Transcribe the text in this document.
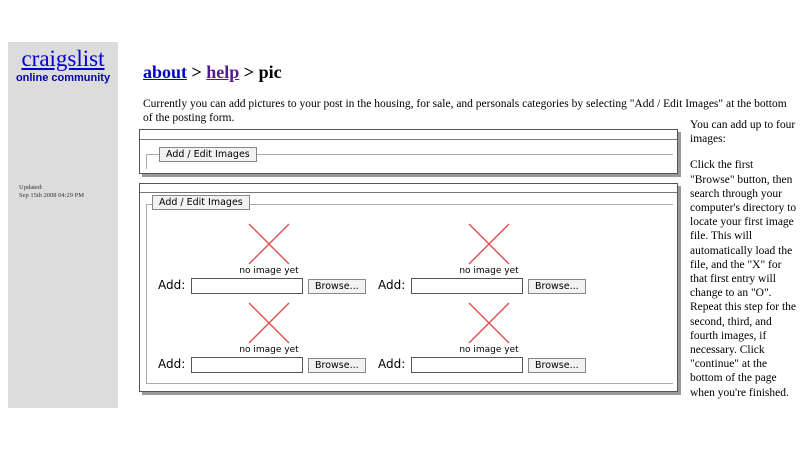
craigslist
online community
Updated:
Sep 15th 2008 04:29 PM
about > help > pic
Currently you can add pictures to your post in the housing, for sale, and personals categories by selecting "Add / Edit Images" at the bottom of the posting form.
Add / Edit Images
Add / Edit Images
no image yet
Add:	Browse...
no image yet
Add:	Browse...
no image yet
Add:	Browse...
no image yet
Add:	Browse...

You can add up to four images:

Click the first "Browse" button, then search through your computer's directory to locate your first image file. This will automatically load the file, and the "X" for that first entry will change to an "O". Repeat this step for the second, third, and fourth images, if necessary. Click "continue" at the bottom of the page when you're finished.
